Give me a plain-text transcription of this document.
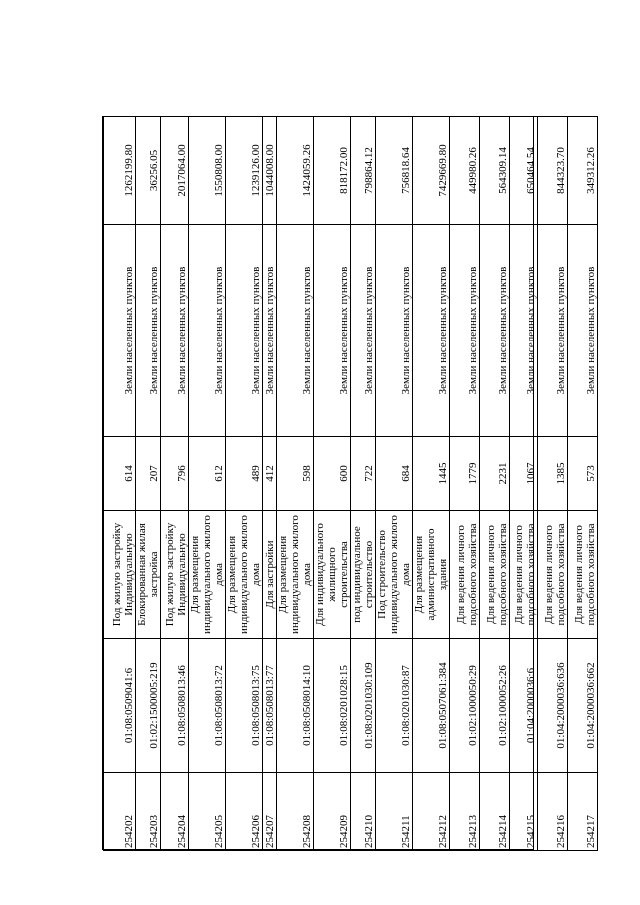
254202	01:08:0509041:6	Под жилую застройку Индивидуальную	614	Земли населенных пунктов	1262199.80
254203	01:02:1500005:219	Блокированная жилая застройка	207	Земли населенных пунктов	36256.05
254204	01:08:0508013:46	Под жилую застройку Индивидуальную	796	Земли населенных пунктов	2017064.00
254205	01:08:0508013:72	Для размещения индивидуального жилого дома	612	Земли населенных пунктов	1550808.00
254206	01:08:0508013:75	Для размещения индивидуального жилого дома	489	Земли населенных пунктов	1239126.00
254207	01:08:0508013:77	Для застройки	412	Земли населенных пунктов	1044008.00
254208	01:08:0508014:10	Для размещения индивидуального жилого дома	598	Земли населенных пунктов	1424059.26
254209	01:08:0201028:15	Для индивидуального жилищного строительства	600	Земли населенных пунктов	818172.00
254210	01:08:0201030:109	под индивидуальное строительство	722	Земли населенных пунктов	798864.12
254211	01:08:0201030:87	Под строительство индивидуального жилого дома	684	Земли населенных пунктов	756818.64
254212	01:08:0507061:384	Для размещения административного здания	1445	Земли населенных пунктов	7429669.80
254213	01:02:1000050:29	Для ведения личного подсобного хозяйства	1779	Земли населенных пунктов	449980.26
254214	01:02:1000052:26	Для ведения личного подсобного хозяйства	2231	Земли населенных пунктов	564309.14
254215	01:04:2000036:6	Для ведения личного подсобного хозяйства	1067	Земли населенных пунктов	650464.54
254216	01:04:2000036:636	Для ведения личного подсобного хозяйства	1385	Земли населенных пунктов	844323.70
254217	01:04:2000036:662	Для ведения личного подсобного хозяйства	573	Земли населенных пунктов	349312.26
